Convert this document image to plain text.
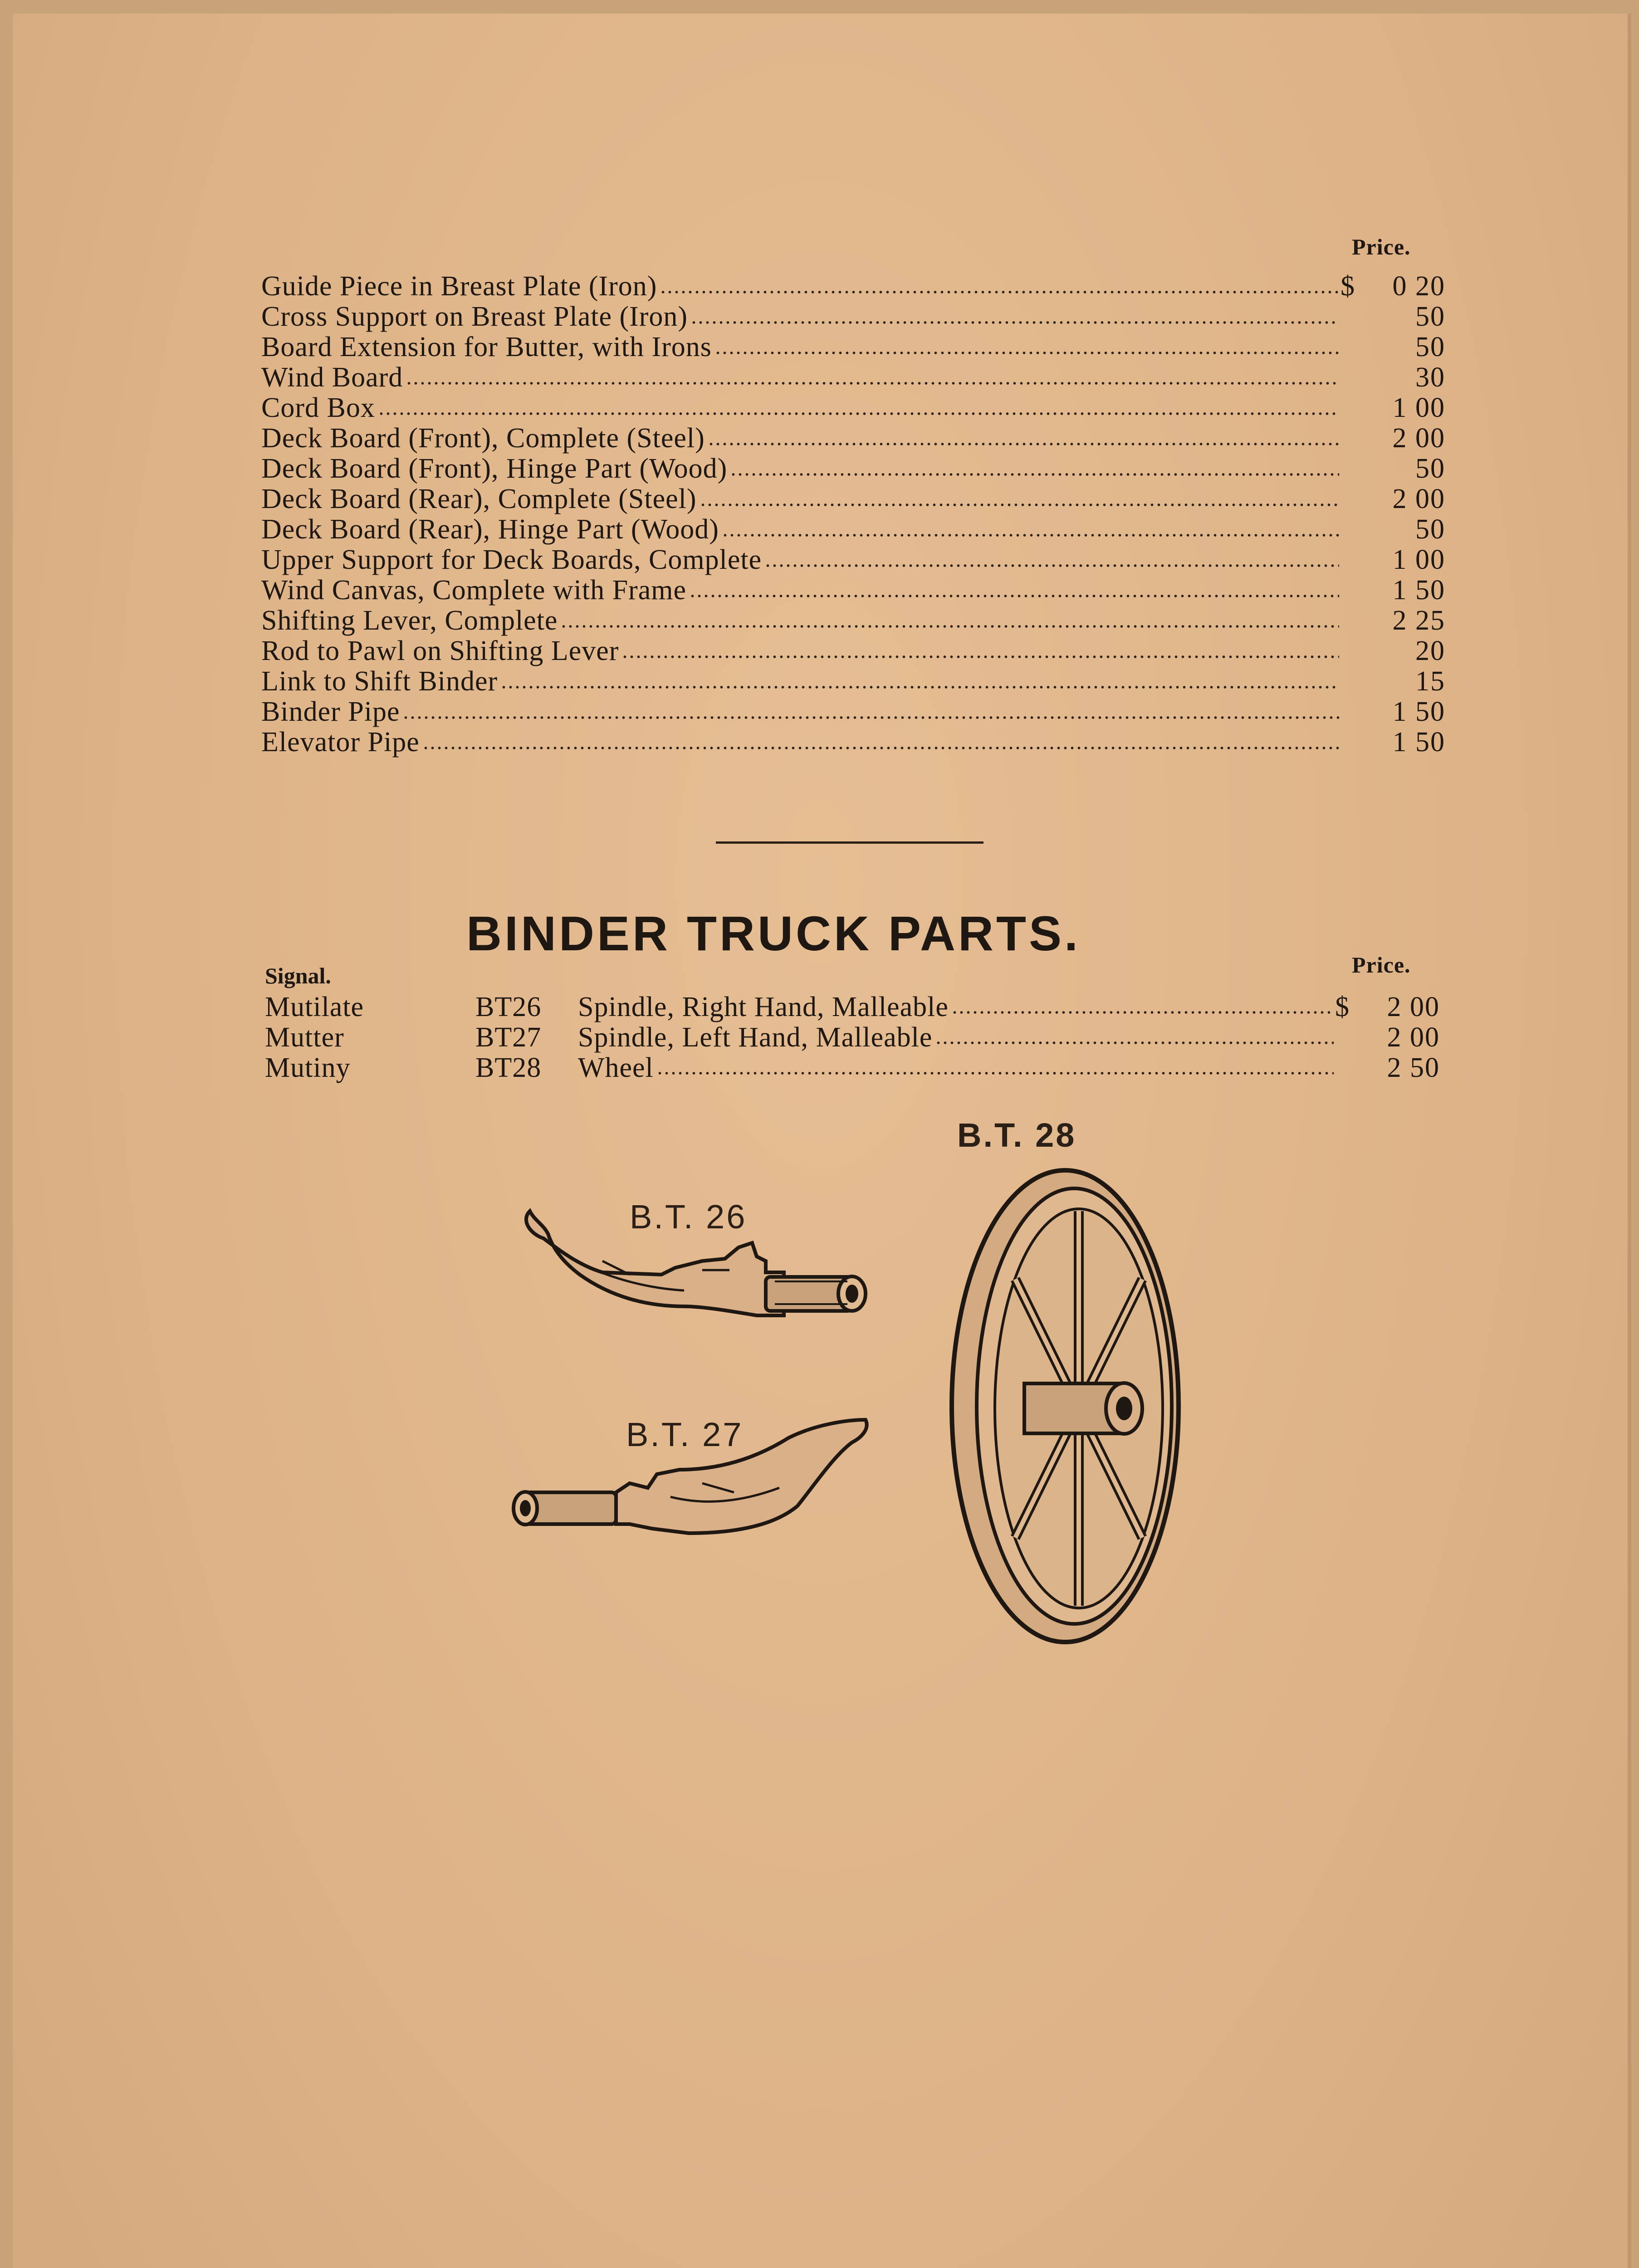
Price.
Guide Piece in Breast Plate (Iron)	$	0 20
Cross Support on Breast Plate (Iron)	50
Board Extension for Butter, with Irons	50
Wind Board	30
Cord Box	1 00
Deck Board (Front), Complete (Steel)	2 00
Deck Board (Front), Hinge Part (Wood)	50
Deck Board (Rear), Complete (Steel)	2 00
Deck Board (Rear), Hinge Part (Wood)	50
Upper Support for Deck Boards, Complete	1 00
Wind Canvas, Complete with Frame	1 50
Shifting Lever, Complete	2 25
Rod to Pawl on Shifting Lever	20
Link to Shift Binder	15
Binder Pipe	1 50
Elevator Pipe	1 50
BINDER TRUCK PARTS.
Signal.	Price.
Mutilate	BT26	Spindle, Right Hand, Malleable	$	2 00
Mutter	BT27	Spindle, Left Hand, Malleable	2 00
Mutiny	BT28	Wheel	2 50
B.T. 26
B.T. 27
B.T. 28
